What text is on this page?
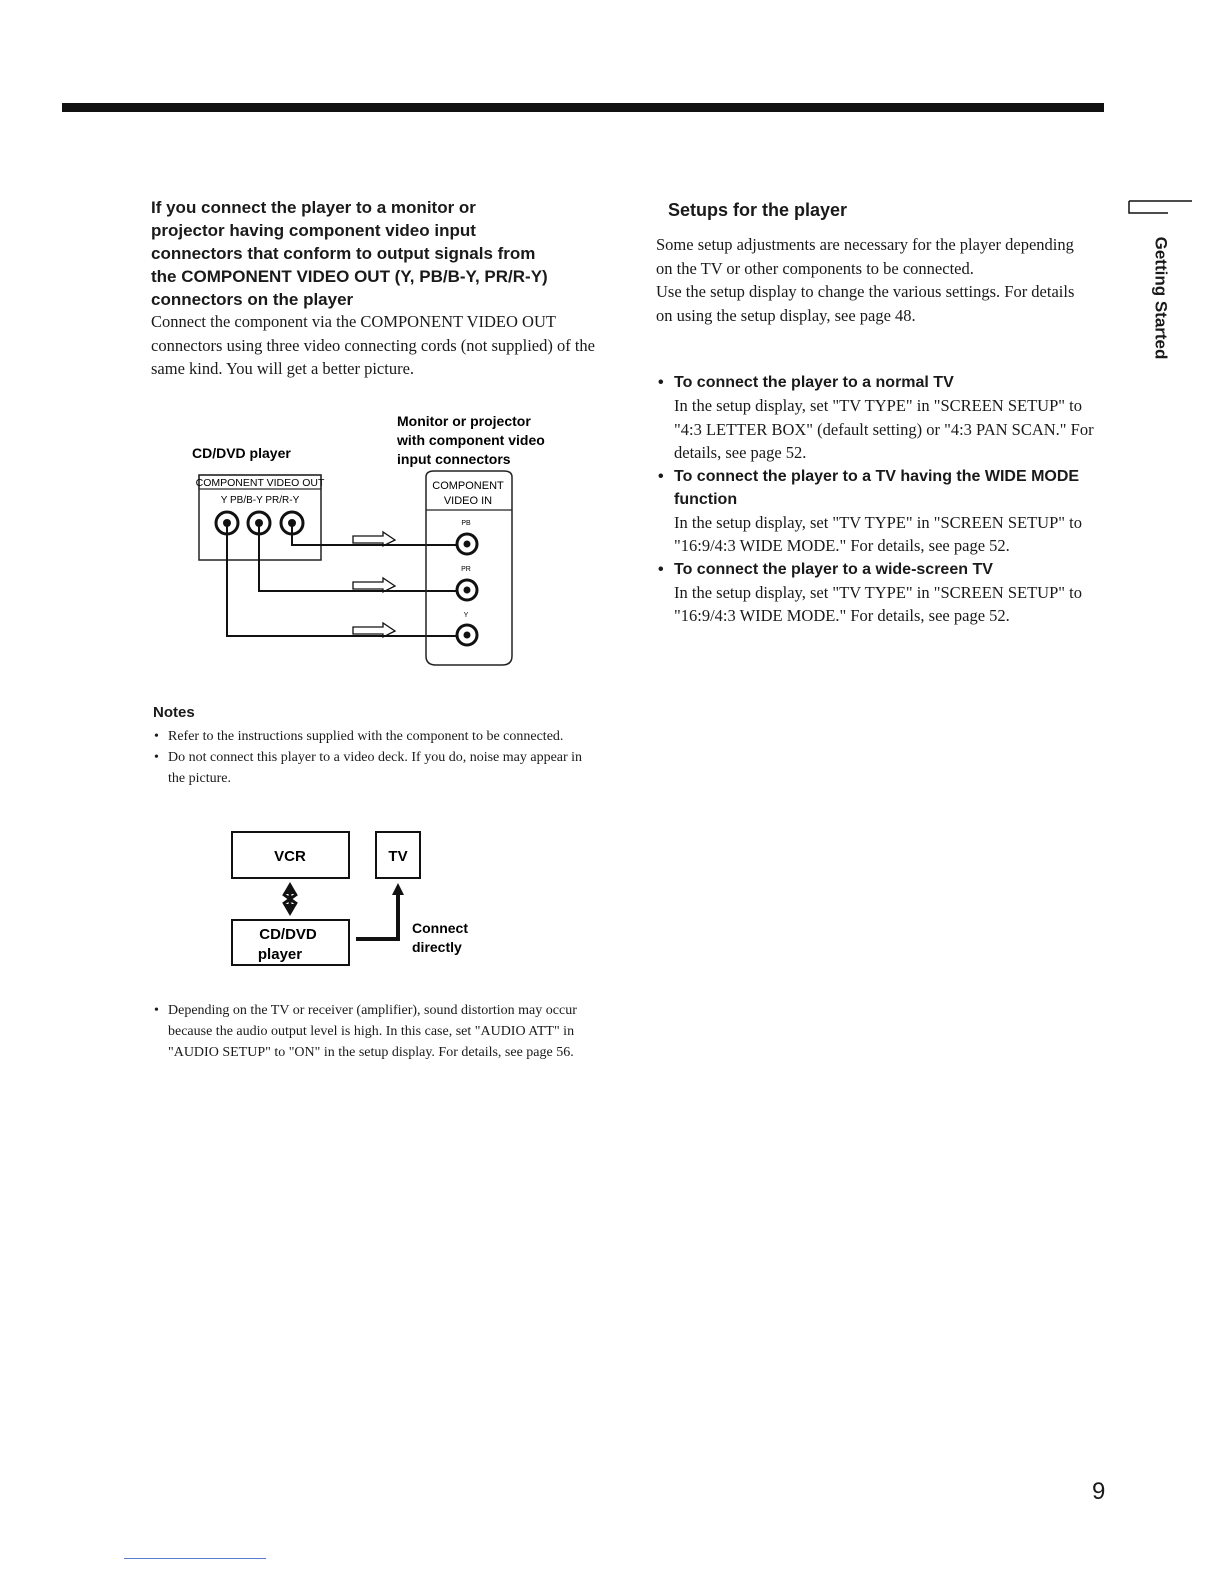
If you connect the player to a monitor or
projector having component video input
connectors that conform to output signals from
the COMPONENT VIDEO OUT (Y, PB/B-Y, PR/R-Y)
connectors on the player

Connect the component via the COMPONENT VIDEO OUT connectors using three video connecting cords (not supplied) of the same kind. You will get a better picture.

CD/DVD player
Monitor or projector
with component video
input connectors
COMPONENT VIDEO OUT
Y PB/B-Y PR/R-Y
COMPONENT
VIDEO IN
PB
PR
Y

Notes

• Refer to the instructions supplied with the component to be connected.
• Do not connect this player to a video deck. If you do, noise may appear in the picture.
VCR	TV
CD/DVD
player
Connect
directly
• Depending on the TV or receiver (amplifier), sound distortion may occur because the audio output level is high. In this case, set "AUDIO ATT" in "AUDIO SETUP" to "ON" in the setup display. For details, see page 56.
Setups for the player

Some setup adjustments are necessary for the player depending on the TV or other components to be connected.

Use the setup display to change the various settings. For details on using the setup display, see page 48.

• To connect the player to a normal TV
In the setup display, set "TV TYPE" in "SCREEN SETUP" to "4:3 LETTER BOX" (default setting) or "4:3 PAN SCAN." For details, see page 52.
• To connect the player to a TV having the WIDE MODE function
In the setup display, set "TV TYPE" in "SCREEN SETUP" to "16:9/4:3 WIDE MODE." For details, see page 52.
• To connect the player to a wide-screen TV
In the setup display, set "TV TYPE" in "SCREEN SETUP" to "16:9/4:3 WIDE MODE." For details, see page 52.
Getting Started

9
